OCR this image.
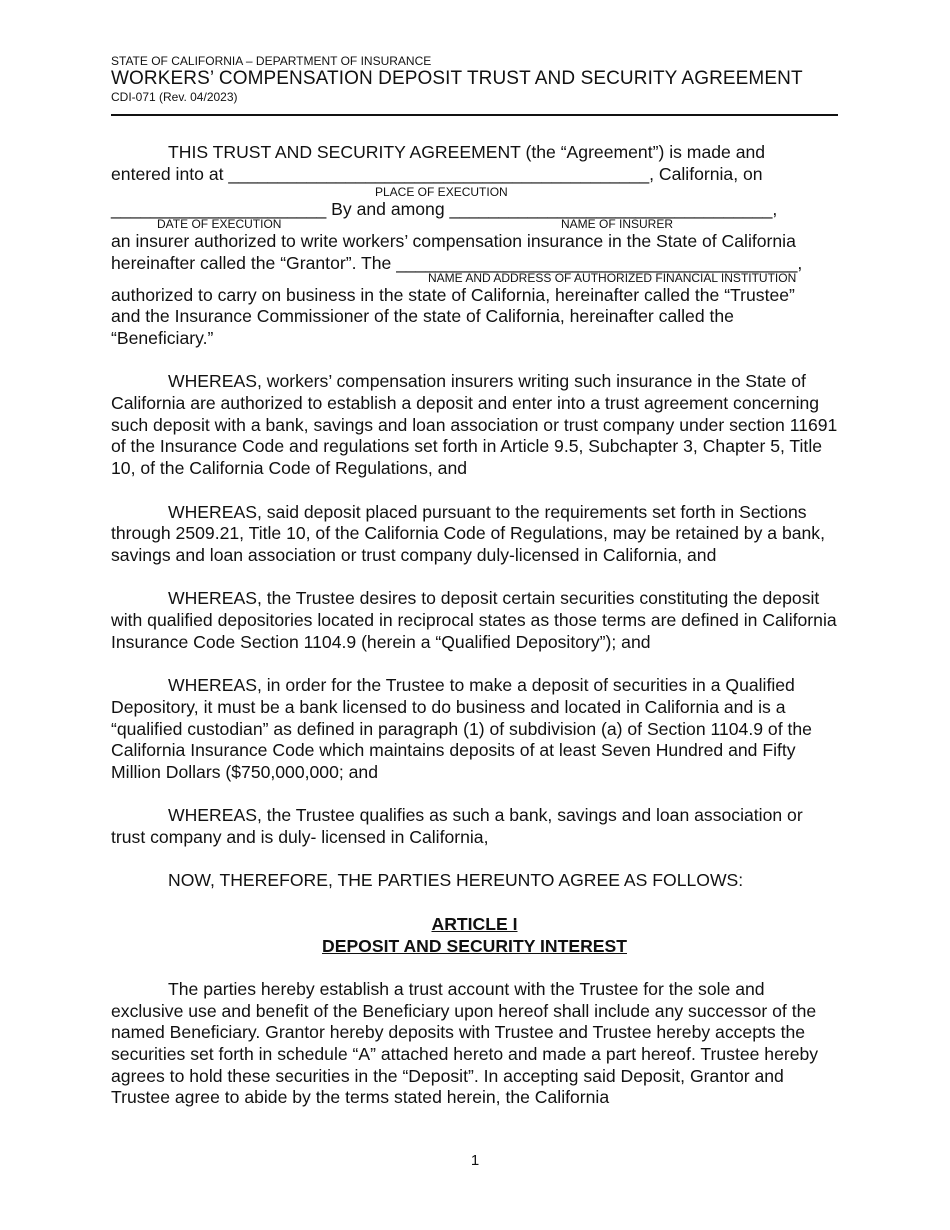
STATE OF CALIFORNIA – DEPARTMENT OF INSURANCE
WORKERS’ COMPENSATION DEPOSIT TRUST AND SECURITY AGREEMENT
CDI-071 (Rev. 04/2023)

THIS TRUST AND SECURITY AGREEMENT (the “Agreement”) is made and

entered into at ___________________________________________, California, on

PLACE OF EXECUTION

______________________ By and among _________________________________,

DATE OF EXECUTION	NAME OF INSURER

an insurer authorized to write workers’ compensation insurance in the State of California

hereinafter called the “Grantor”. The _________________________________________,

NAME AND ADDRESS OF AUTHORIZED FINANCIAL INSTITUTION

authorized to carry on business in the state of California, hereinafter called the “Trustee”

and the Insurance Commissioner of the state of California, hereinafter called the

“Beneficiary.”

WHEREAS, workers’ compensation insurers writing such insurance in the State of California are authorized to establish a deposit and enter into a trust agreement concerning such deposit with a bank, savings and loan association or trust company under section 11691 of the Insurance Code and regulations set forth in Article 9.5, Subchapter 3, Chapter 5, Title 10, of the California Code of Regulations, and

WHEREAS, said deposit placed pursuant to the requirements set forth in Sections through 2509.21, Title 10, of the California Code of Regulations, may be retained by a bank, savings and loan association or trust company duly-licensed in California, and

WHEREAS, the Trustee desires to deposit certain securities constituting the deposit with qualified depositories located in reciprocal states as those terms are defined in California Insurance Code Section 1104.9 (herein a “Qualified Depository”); and

WHEREAS, in order for the Trustee to make a deposit of securities in a Qualified Depository, it must be a bank licensed to do business and located in California and is a “qualified custodian” as defined in paragraph (1) of subdivision (a) of Section 1104.9 of the California Insurance Code which maintains deposits of at least Seven Hundred and Fifty Million Dollars ($750,000,000; and

WHEREAS, the Trustee qualifies as such a bank, savings and loan association or trust company and is duly- licensed in California,

NOW, THEREFORE, THE PARTIES HEREUNTO AGREE AS FOLLOWS:

ARTICLE I

DEPOSIT AND SECURITY INTEREST

The parties hereby establish a trust account with the Trustee for the sole and exclusive use and benefit of the Beneficiary upon hereof shall include any successor of the named Beneficiary. Grantor hereby deposits with Trustee and Trustee hereby accepts the securities set forth in schedule “A” attached hereto and made a part hereof. Trustee hereby agrees to hold these securities in the “Deposit”. In accepting said Deposit, Grantor and Trustee agree to abide by the terms stated herein, the California

1
